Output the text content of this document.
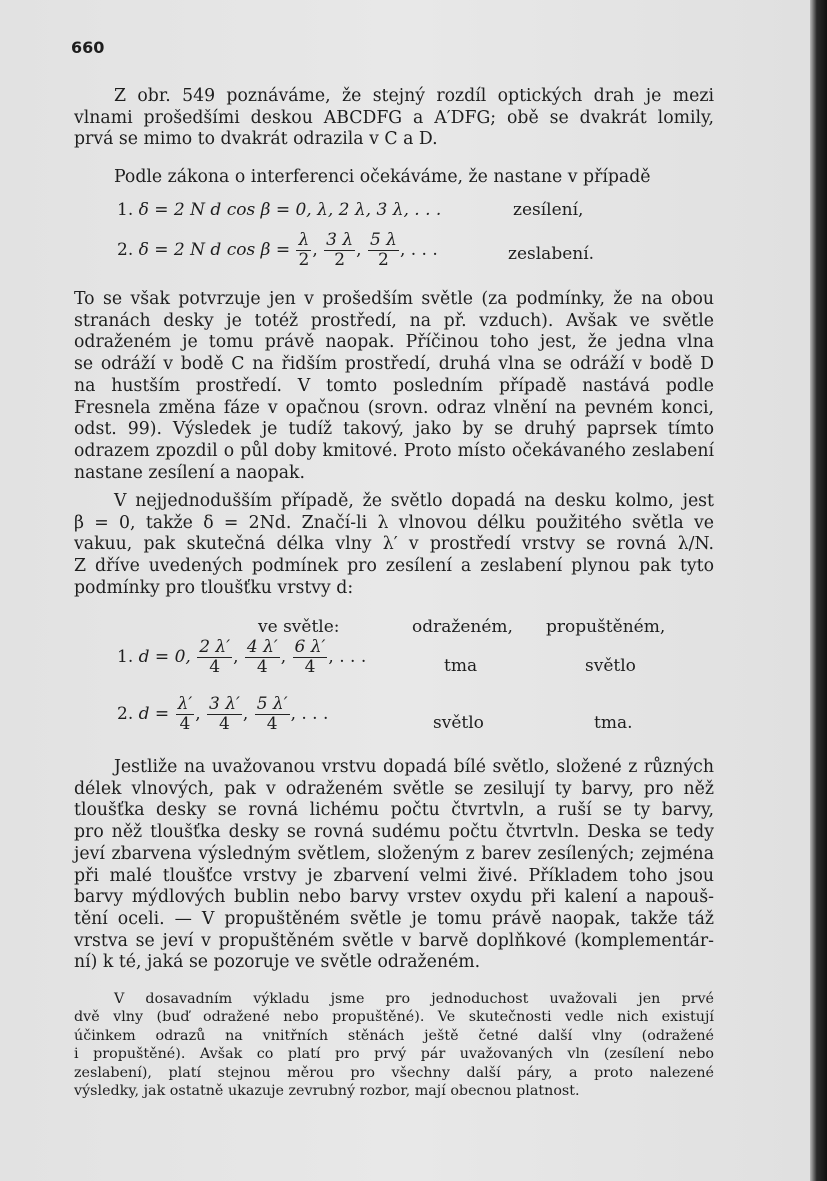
660
Z obr. 549 poznáváme, že stejný rozdíl optických drah je mezi
vlnami prošedšími deskou ABCDFG a A′DFG; obě se dvakrát lomily,
prvá se mimo to dvakrát odrazila v C a D.
Podle zákona o interferenci očekáváme, že nastane v případě
1. δ = 2 N d cos β = 0, λ, 2 λ, 3 λ, . . .	zesílení,
2. δ = 2 N d $\cos \beta = \frac{\lambda}{2}$ , $\frac{3 \lambda}{2}$ , $\frac{5 \lambda}{2}$ , . . .	zeslabení.
To se však potvrzuje jen v prošedším světle (za podmínky, že na obou
stranách desky je totéž prostředí, na př. vzduch). Avšak ve světle
odraženém je tomu právě naopak. Příčinou toho jest, že jedna vlna
se odráží v bodě C na řidším prostředí, druhá vlna se odráží v bodě D
na hustším prostředí. V tomto posledním případě nastává podle
Fresnela změna fáze v opačnou (srovn. odraz vlnění na pevném konci,
odst. 99). Výsledek je tudíž takový, jako by se druhý paprsek tímto
odrazem zpozdil o půl doby kmitové. Proto místo očekávaného zeslabení
nastane zesílení a naopak.
V nejjednodušším případě, že světlo dopadá na desku kolmo, jest
β = 0, takže δ = 2Nd. Značí-li λ vlnovou délku použitého světla ve
vakuu, pak skutečná délka vlny λ′ v prostředí vrstvy se rovná λ/N.
Z dříve uvedených podmínek pro zesílení a zeslabení plynou pak tyto
podmínky pro tloušťku vrstvy d:
ve světle:	odraženém, propuštěném,
1. d = 0, $\frac{2 \lambda'}{4}$ , $\frac{4 \lambda'}{4}$ , $\frac{6 \lambda'}{4}$ , . . .	tma	světlo
2. $d = \frac{\lambda'}{4}$ , $\frac{3 \lambda'}{4}$ , $\frac{5 \lambda'}{4}$ , . . .	světlo	tma.
Jestliže na uvažovanou vrstvu dopadá bílé světlo, složené z různých
délek vlnových, pak v odraženém světle se zesilují ty barvy, pro něž
tloušťka desky se rovná lichému počtu čtvrtvln, a ruší se ty barvy,
pro něž tloušťka desky se rovná sudému počtu čtvrtvln. Deska se tedy
jeví zbarvena výsledným světlem, složeným z barev zesílených; zejména
při malé tloušťce vrstvy je zbarvení velmi živé. Příkladem toho jsou
barvy mýdlových bublin nebo barvy vrstev oxydu při kalení a napouš-
tění oceli. — V propuštěném světle je tomu právě naopak, takže táž
vrstva se jeví v propuštěném světle v barvě doplňkové (komplementár-
ní) k té, jaká se pozoruje ve světle odraženém.
V dosavadním výkladu jsme pro jednoduchost uvažovali jen prvé
dvě vlny (buď odražené nebo propuštěné). Ve skutečnosti vedle nich existují
účinkem odrazů na vnitřních stěnách ještě četné další vlny (odražené
i propuštěné). Avšak co platí pro prvý pár uvažovaných vln (zesílení nebo
zeslabení), platí stejnou měrou pro všechny další páry, a proto nalezené
výsledky, jak ostatně ukazuje zevrubný rozbor, mají obecnou platnost.
